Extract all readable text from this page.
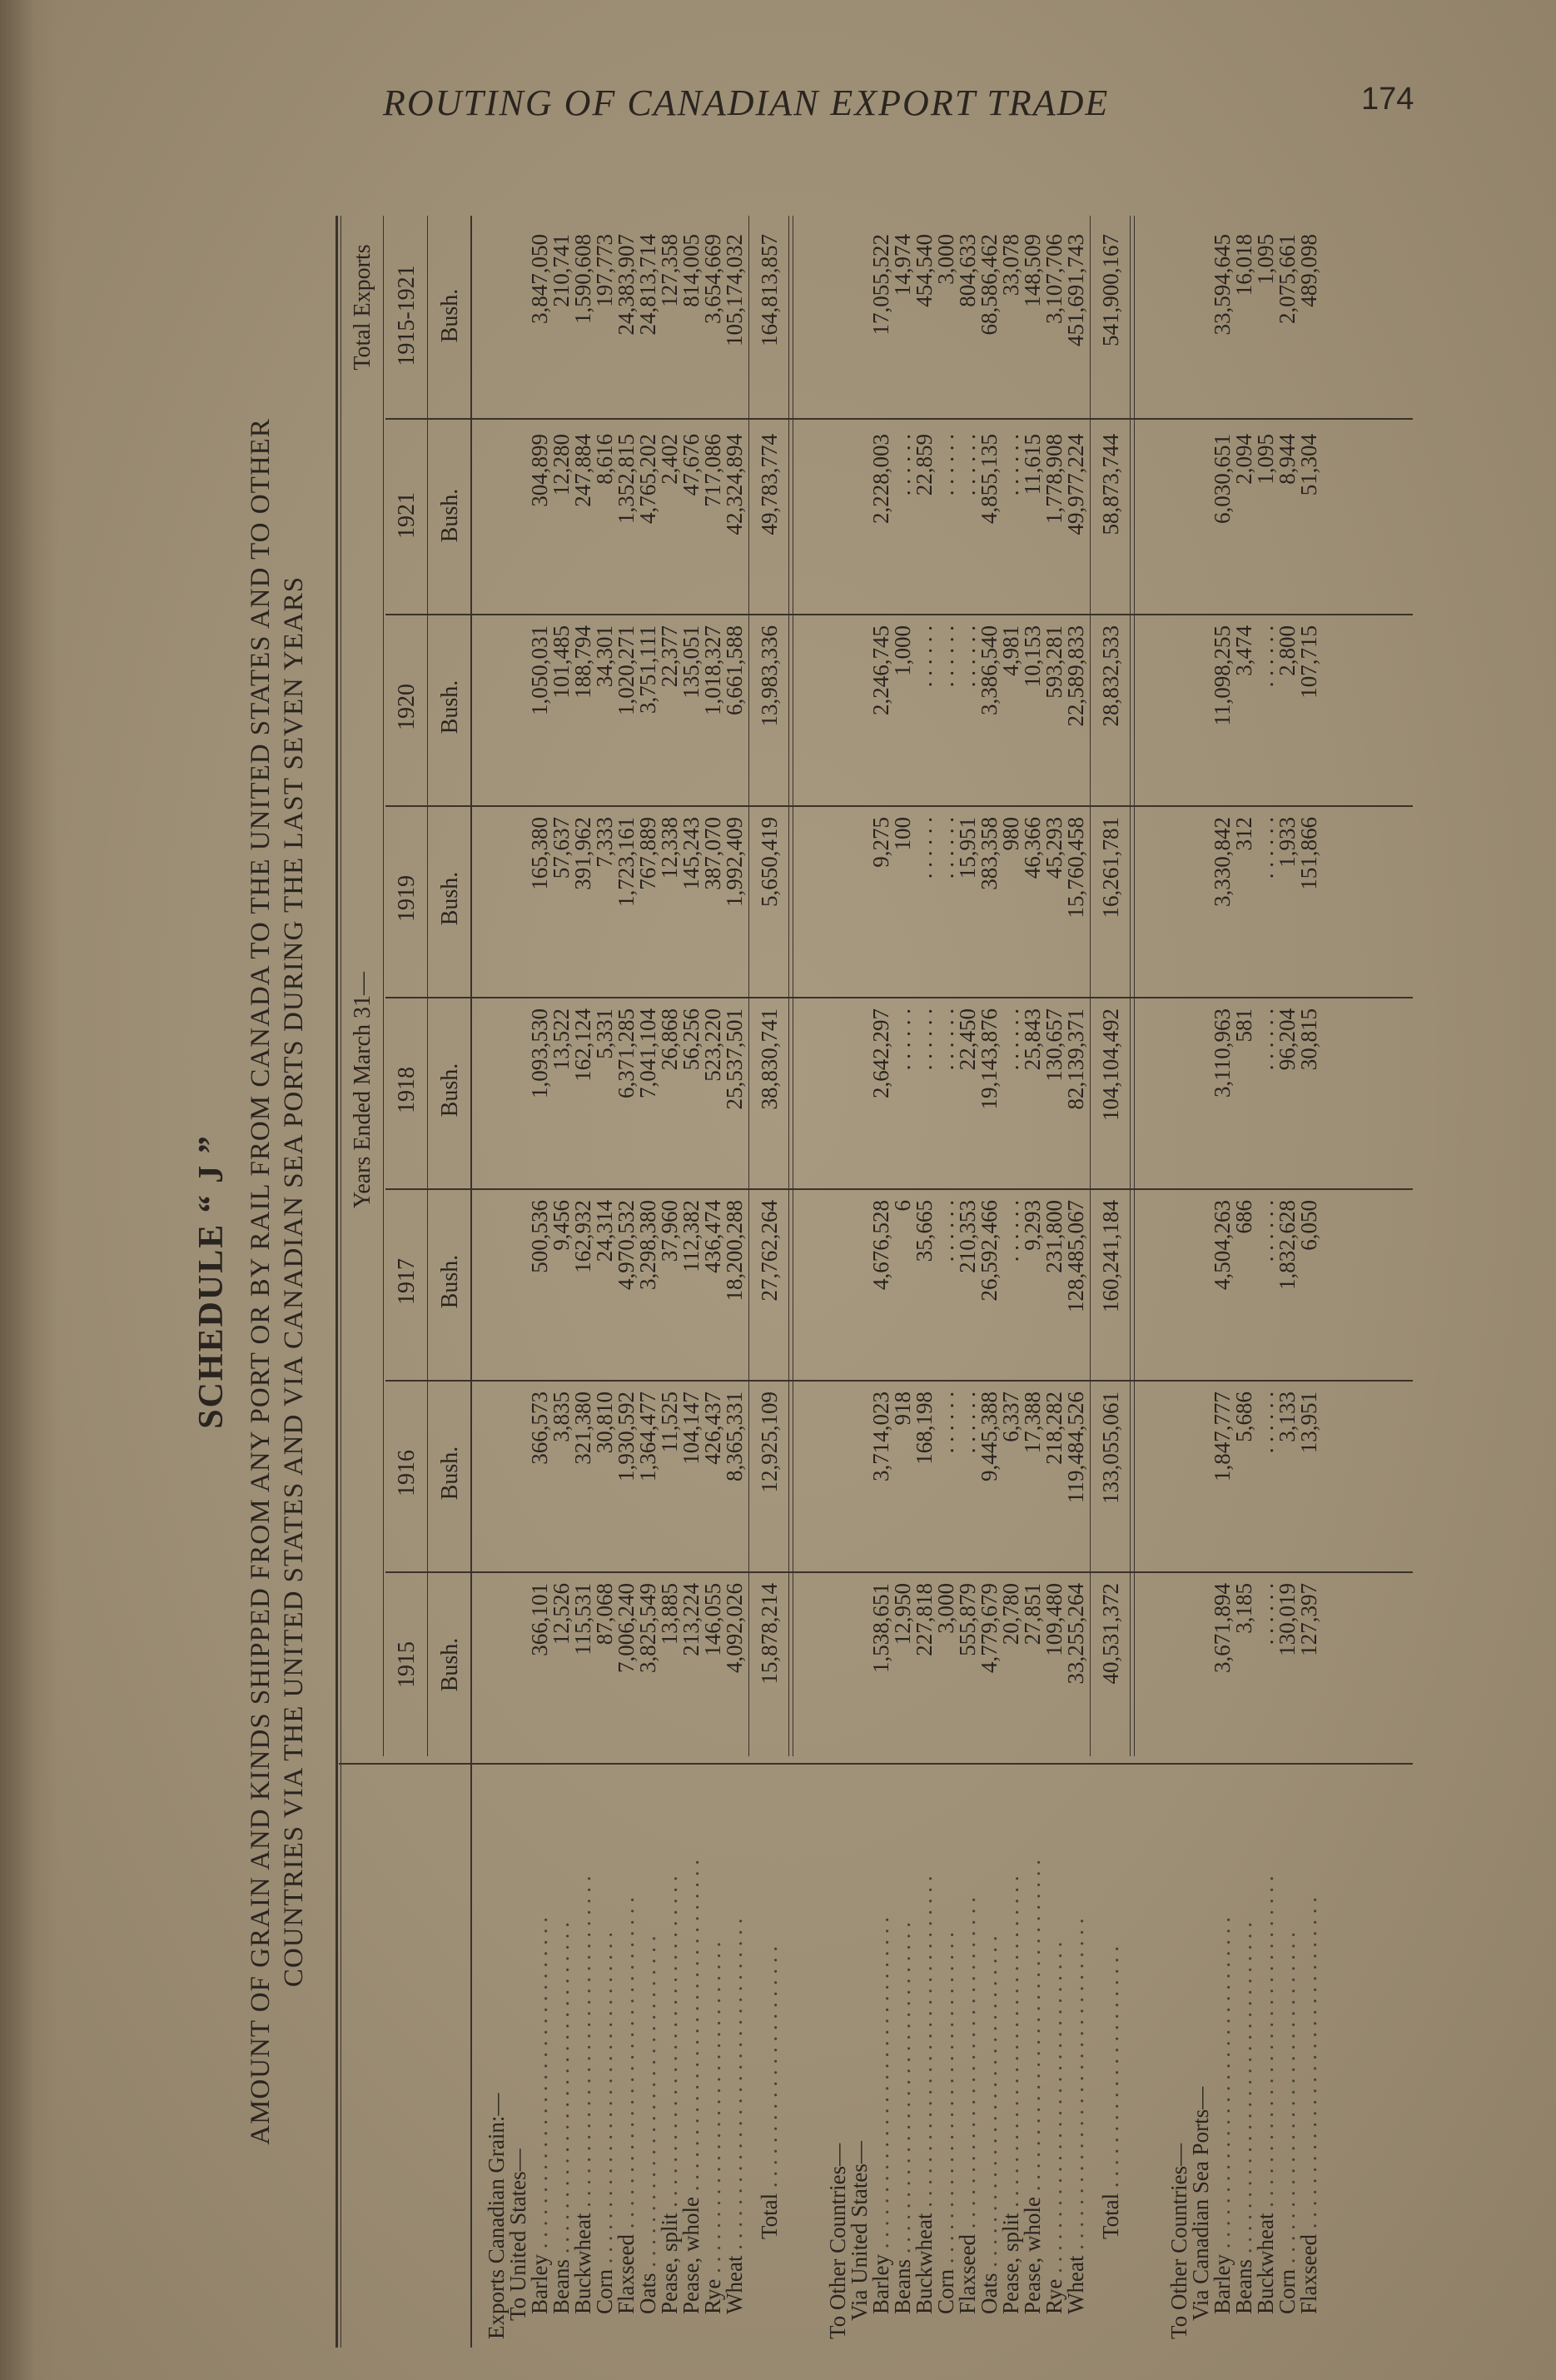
ROUTING OF CANADIAN EXPORT TRADE	174
SCHEDULE “ J ” AMOUNT OF GRAIN AND KINDS SHIPPED FROM ANY PORT OR BY RAIL FROM CANADA TO THE UNITED STATES AND TO OTHER COUNTRIES VIA THE UNITED STATES AND VIA CANADIAN SEA PORTS DURING THE LAST SEVEN YEARS Years Ended March 31—
Total Exports
1915
1916
1917
1918
1919
1920
1921
1915-1921
Bush.
Bush.
Bush.
Bush.
Bush.
Bush.
Bush.
Bush.
Exports Canadian Grain:—
To United States—
Barley . . . . . . . . . . . . . . . . . . . . . . . . . . . . . .
366,101
366,573
500,536
1,093,530
165,380
1,050,031
304,899
3,847,050
Beans . . . . . . . . . . . . . . . . . . . . . . . . . . . . . .
12,526
3,835
9,456
13,522
57,637
101,485
12,280
210,741
Buckwheat . . . . . . . . . . . . . . . . . . . . . . . . . . . . . .
115,531
321,380
162,932
162,124
391,962
188,794
247,884
1,590,608
Corn . . . . . . . . . . . . . . . . . . . . . . . . . . . . . .
87,068
30,810
24,314
5,331
7,333
34,301
8,616
197,773
Flaxseed . . . . . . . . . . . . . . . . . . . . . . . . . . . . . .
7,006,240
1,930,592
4,970,532
6,371,285
1,723,161
1,020,271
1,352,815
24,383,907
Oats . . . . . . . . . . . . . . . . . . . . . . . . . . . . . .
3,825,549
1,364,477
3,298,380
7,041,104
767,889
3,751,111
4,765,202
24,813,714
Pease, split . . . . . . . . . . . . . . . . . . . . . . . . . . . . . .
13,885
11,525
37,960
26,868
12,338
22,377
2,402
127,358
Pease, whole . . . . . . . . . . . . . . . . . . . . . . . . . . . . . .
213,224
104,147
112,382
56,256
145,243
135,051
47,676
814,005
Rye . . . . . . . . . . . . . . . . . . . . . . . . . . . . . .
146,055
426,437
436,474
523,220
387,070
1,018,327
717,086
3,654,669
Wheat . . . . . . . . . . . . . . . . . . . . . . . . . . . . . .
4,092,026
8,365,331
18,200,288
25,537,501
1,992,409
6,661,588
42,324,894
105,174,032
Total . . . . . . . . . . . . . . . . . . . . . .
15,878,214
12,925,109
27,762,264
38,830,741
5,650,419
13,983,336
49,783,774
164,813,857
To Other Countries—
Via United States—
Barley . . . . . . . . . . . . . . . . . . . . . . . . . . . . . .
1,538,651
3,714,023
4,676,528
2,642,297
9,275
2,246,745
2,228,003
17,055,522
Beans . . . . . . . . . . . . . . . . . . . . . . . . . . . . . .
12,950
918
6
. . . . . .
100
1,000
. . . . . .
14,974
Buckwheat . . . . . . . . . . . . . . . . . . . . . . . . . . . . . .
227,818
168,198
35,665
. . . . . .
. . . . . .
. . . . . .
22,859
454,540
Corn . . . . . . . . . . . . . . . . . . . . . . . . . . . . . .
3,000
. . . . . .
. . . . . .
. . . . . .
. . . . . .
. . . . . .
. . . . . .
3,000
Flaxseed . . . . . . . . . . . . . . . . . . . . . . . . . . . . . .
555,879
. . . . . .
210,353
22,450
15,951
. . . . . .
. . . . . .
804,633
Oats . . . . . . . . . . . . . . . . . . . . . . . . . . . . . .
4,779,679
9,445,388
26,592,466
19,143,876
383,358
3,386,540
4,855,135
68,586,462
Pease, split . . . . . . . . . . . . . . . . . . . . . . . . . . . . . .
20,780
6,337
. . . . . .
. . . . . .
980
4,981
. . . . . .
33,078
Pease, whole . . . . . . . . . . . . . . . . . . . . . . . . . . . . . .
27,851
17,388
9,293
25,843
46,366
10,153
11,615
148,509
Rye . . . . . . . . . . . . . . . . . . . . . . . . . . . . . .
109,480
218,282
231,800
130,657
45,293
593,281
1,778,908
3,107,706
Wheat . . . . . . . . . . . . . . . . . . . . . . . . . . . . . .
33,255,264
119,484,526
128,485,067
82,139,371
15,760,458
22,589,833
49,977,224
451,691,743
Total . . . . . . . . . . . . . . . . . . . . . .
40,531,372
133,055,061
160,241,184
104,104,492
16,261,781
28,832,533
58,873,744
541,900,167
To Other Countries—
Via Canadian Sea Ports—
Barley . . . . . . . . . . . . . . . . . . . . . . . . . . . . . .
3,671,894
1,847,777
4,504,263
3,110,963
3,330,842
11,098,255
6,030,651
33,594,645
Beans . . . . . . . . . . . . . . . . . . . . . . . . . . . . . .
3,185
5,686
686
581
312
3,474
2,094
16,018
Buckwheat . . . . . . . . . . . . . . . . . . . . . . . . . . . . . .
. . . . . .
. . . . . .
. . . . . .
. . . . . .
. . . . . .
. . . . . .
1,095
1,095
Corn . . . . . . . . . . . . . . . . . . . . . . . . . . . . . .
130,019
3,133
1,832,628
96,204
1,933
2,800
8,944
2,075,661
Flaxseed . . . . . . . . . . . . . . . . . . . . . . . . . . . . . .
127,397
13,951
6,050
30,815
151,866
107,715
51,304
489,098
